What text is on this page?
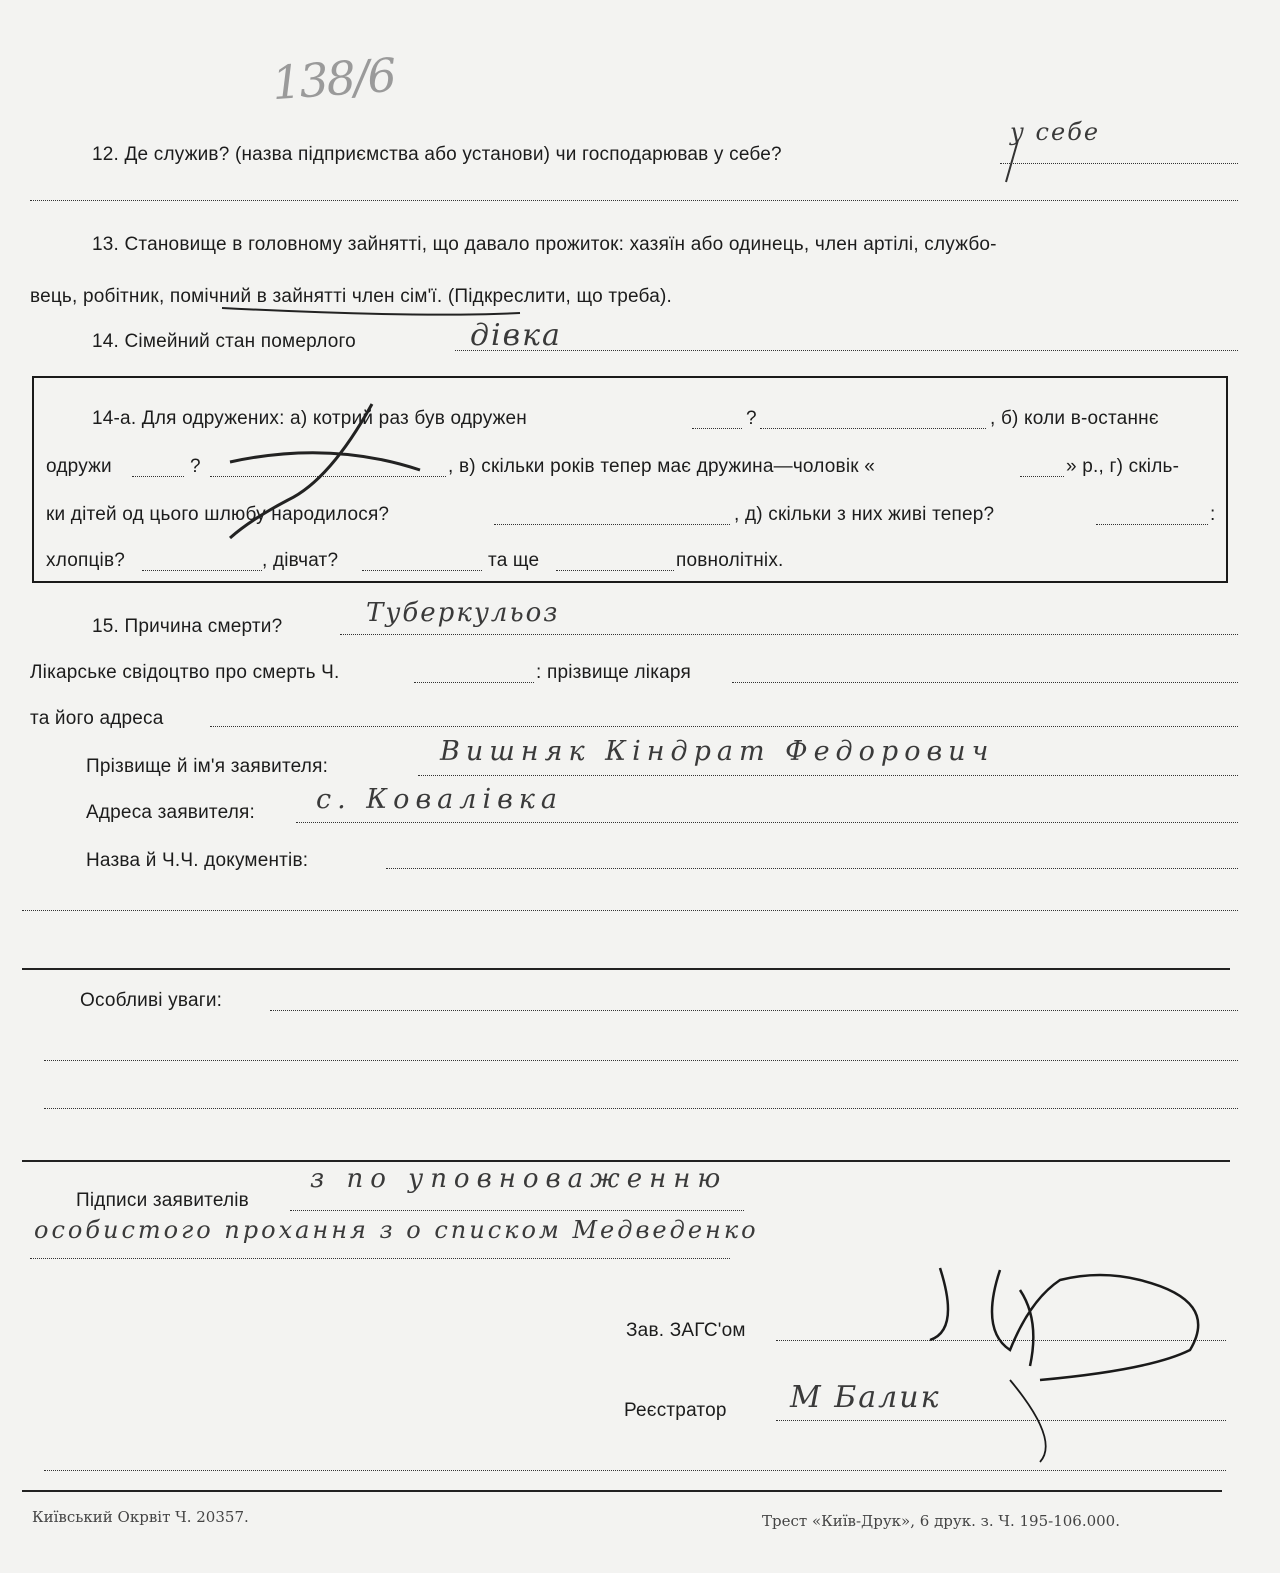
138/6
12. Де служив? (назва підприємства або установи) чи господарював у себе?
у себе
13. Становище в головному зайнятті, що давало прожиток: хазяїн або одинець, член артілі, службо-
вець, робітник, помічний в зайнятті член сім'ї. (Підкреслити, що треба).
14. Сімейний стан померлого	дівка
14-а. Для одружених: а) котрий раз був одружен	?	, б) коли в-останнє
одружи	?	, в) скільки років тепер має дружина—чоловік «	» р., г) скіль-
ки дітей од цього шлюбу народилося?	, д) скільки з них живі тепер?	:
хлопців?	, дівчат?	та ще	повнолітніх.
15. Причина смерти?	Туберкульоз
Лікарське свідоцтво про смерть Ч.	: прізвище лікаря
та його адреса
Прізвище й ім'я заявителя:	Вишняк Кіндрат Федорович
Адреса заявителя: с. Ковалівка
Назва й Ч.Ч. документів:
Особливі уваги:
Підписи заявителів
з по уповноваженню
особистого прохання з о списком Медведенко
Зав. ЗАГС'ом
Реєстратор М Балик
Київський Окрвіт Ч. 20357.	Трест «Київ-Друк», 6 друк. з. Ч. 195-106.000.
